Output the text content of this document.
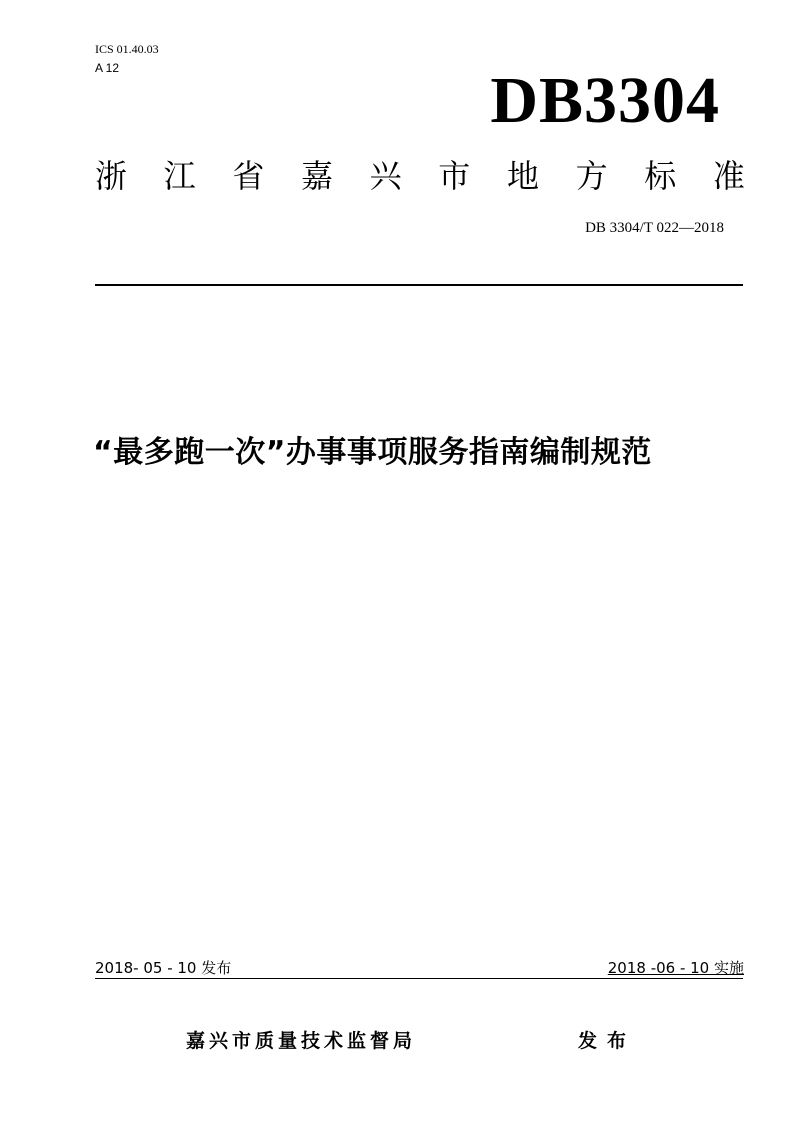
ICS 01.40.03
A 12	DB3304
浙 江 省 嘉 兴 市 地 方 标 准
DB 3304/T 022—2018
“最多跑一次”办事事项服务指南编制规范
2018- 05 - 10 发布	2018 -06 - 10 实施
嘉兴市质量技术监督局	发布
